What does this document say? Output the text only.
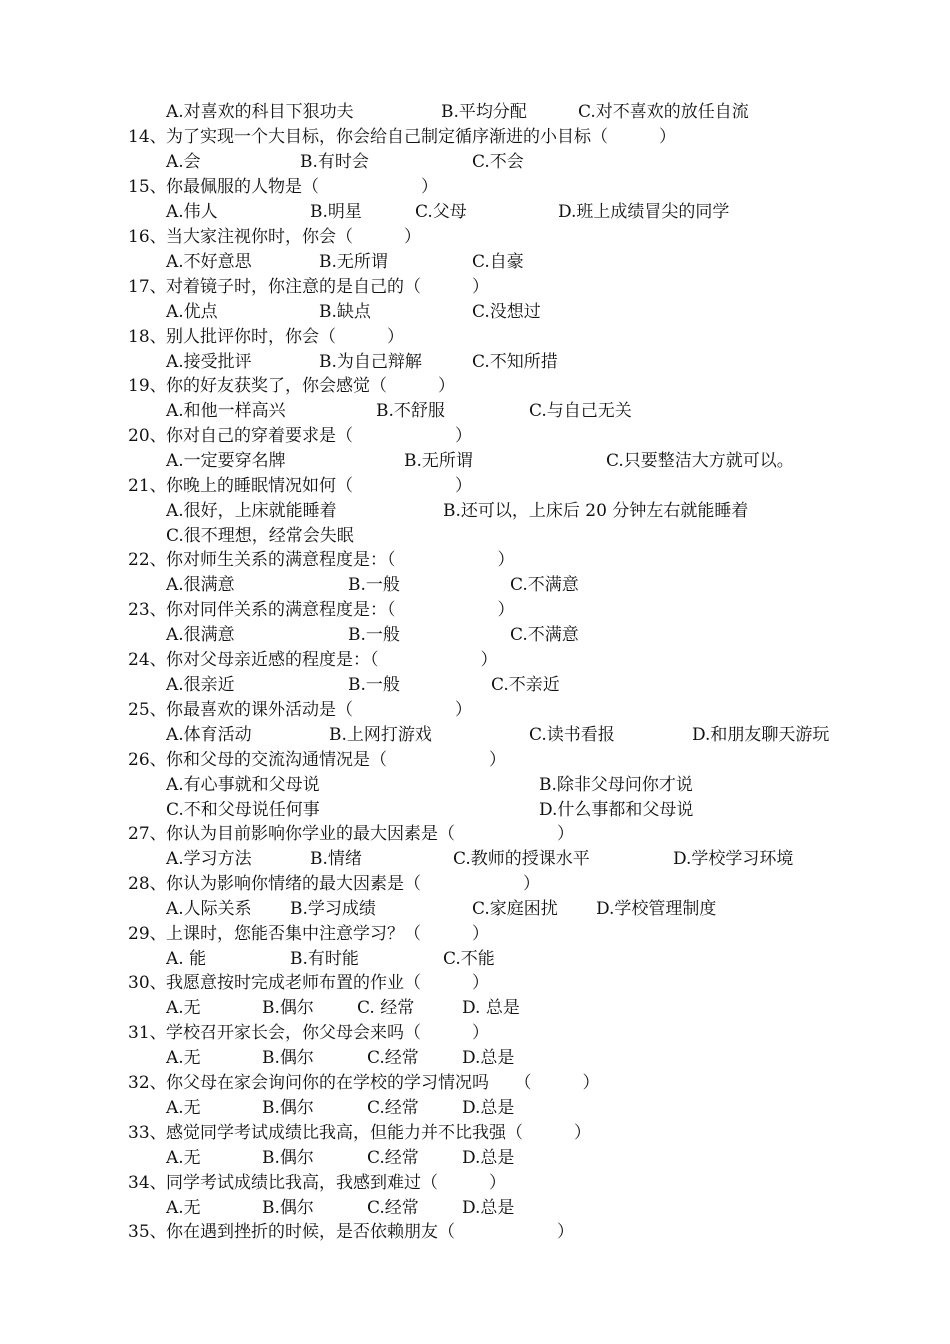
A.对喜欢的科目下狠功夫	B.平均分配	C.对不喜欢的放任自流
14、为了实现一个大目标，你会给自己制定循序渐进的小目标（　　　）
A.会	B.有时会	C.不会
15、你最佩服的人物是（　　　　　　）
A.伟人	B.明星	C.父母	D.班上成绩冒尖的同学
16、当大家注视你时，你会（　　　）
A.不好意思	B.无所谓	C.自豪
17、对着镜子时，你注意的是自己的（　　　）
A.优点	B.缺点	C.没想过
18、别人批评你时，你会（　　　）
A.接受批评	B.为自己辩解	C.不知所措
19、你的好友获奖了，你会感觉（　　　）
A.和他一样高兴	B.不舒服	C.与自己无关
20、你对自己的穿着要求是（　　　　　　）
A.一定要穿名牌	B.无所谓	C.只要整洁大方就可以。
21、你晚上的睡眠情况如何（　　　　　　）
A.很好，上床就能睡着	B.还可以，上床后 20 分钟左右就能睡着
C.很不理想，经常会失眠
22、你对师生关系的满意程度是：（　　　　　　）
A.很满意	B.一般	C.不满意
23、你对同伴关系的满意程度是：（　　　　　　）
A.很满意	B.一般	C.不满意
24、你对父母亲近感的程度是：（　　　　　　）
A.很亲近	B.一般	C.不亲近
25、你最喜欢的课外活动是（　　　　　　）
A.体育活动	B.上网打游戏	C.读书看报	D.和朋友聊天游玩
26、你和父母的交流沟通情况是（　　　　　　）
A.有心事就和父母说	B.除非父母问你才说
C.不和父母说任何事	D.什么事都和父母说
27、你认为目前影响你学业的最大因素是（　　　　　　）
A.学习方法	B.情绪	C.教师的授课水平	D.学校学习环境
28、你认为影响你情绪的最大因素是（　　　　　　）
A.人际关系 B.学习成绩	C.家庭困扰 D.学校管理制度
29、上课时，您能否集中注意学习？（　　　）
A. 能	B.有时能	C.不能
30、我愿意按时完成老师布置的作业（　　　）
A.无	B.偶尔	C. 经常	D. 总是
31、学校召开家长会，你父母会来吗（　　　）
A.无	B.偶尔	C.经常	D.总是
32、你父母在家会询问你的在学校的学习情况吗　　（　　　）
A.无	B.偶尔	C.经常	D.总是
33、感觉同学考试成绩比我高，但能力并不比我强（　　　）
A.无	B.偶尔	C.经常	D.总是
34、同学考试成绩比我高，我感到难过（　　　）
A.无	B.偶尔	C.经常	D.总是
35、你在遇到挫折的时候，是否依赖朋友（　　　　　　）
